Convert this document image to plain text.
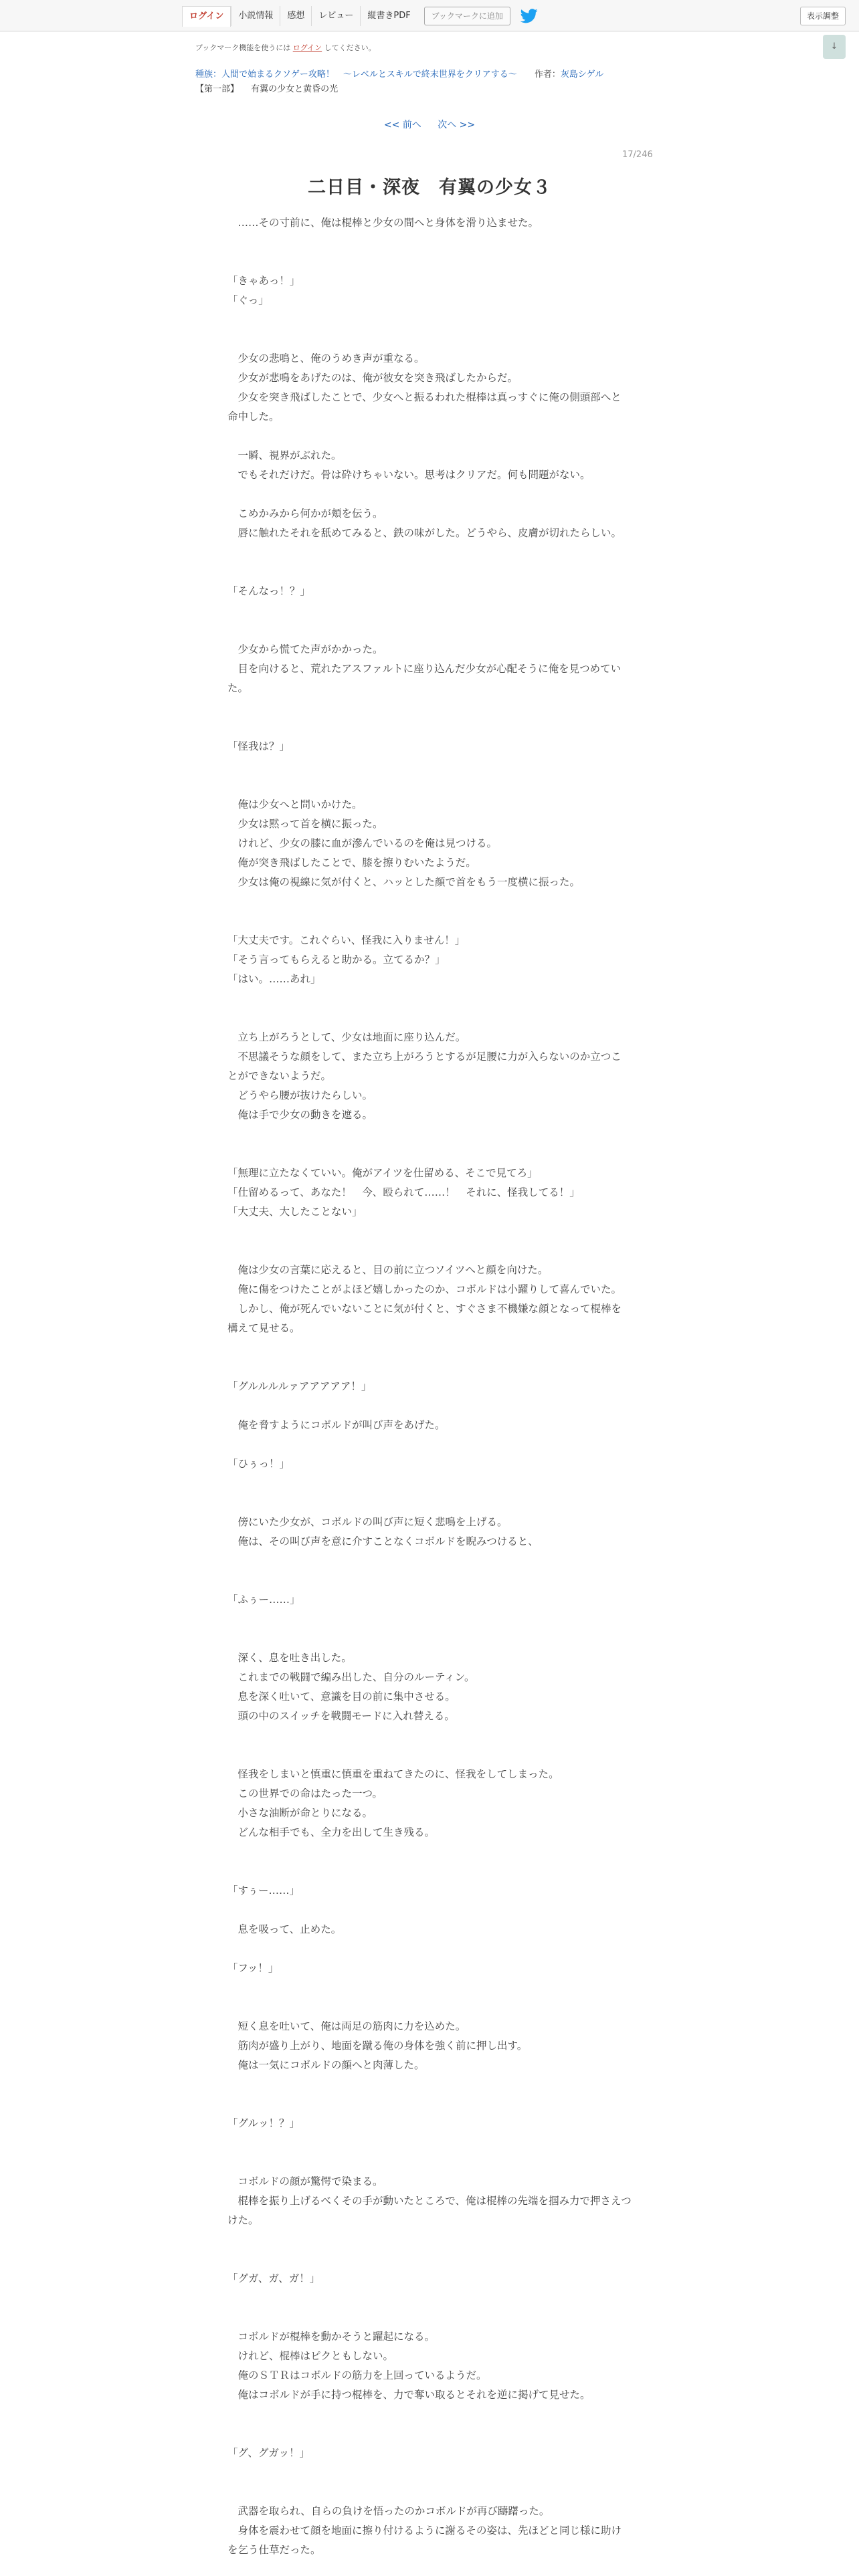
ログイン	小説情報	感想	レビュー	縦書きPDF	ブックマークに追加	表示調整
↓
ブックマーク機能を使うには ログイン してください。
種族：人間で始まるクソゲー攻略！　〜レベルとスキルで終末世界をクリアする〜 作者：灰島シゲル
【第一部】 有翼の少女と黄昏の光
<< 前へ 次へ >>
17/246
二日目・深夜　有翼の少女３

　……その寸前に、俺は棍棒と少女の間へと身体を滑り込ませた。

「きゃあっ！」

「ぐっ」

　少女の悲鳴と、俺のうめき声が重なる。

　少女が悲鳴をあげたのは、俺が彼女を突き飛ばしたからだ。

　少女を突き飛ばしたことで、少女へと振るわれた棍棒は真っすぐに俺の側頭部へと命中した。

　一瞬、視界がぶれた。

　でもそれだけだ。骨は砕けちゃいない。思考はクリアだ。何も問題がない。

　こめかみから何かが頬を伝う。

　唇に触れたそれを舐めてみると、鉄の味がした。どうやら、皮膚が切れたらしい。

「そんなっ！？」

　少女から慌てた声がかかった。

　目を向けると、荒れたアスファルトに座り込んだ少女が心配そうに俺を見つめていた。

「怪我は？」

　俺は少女へと問いかけた。

　少女は黙って首を横に振った。

　けれど、少女の膝に血が滲んでいるのを俺は見つける。

　俺が突き飛ばしたことで、膝を擦りむいたようだ。

　少女は俺の視線に気が付くと、ハッとした顔で首をもう一度横に振った。

「大丈夫です。これぐらい、怪我に入りません！」

「そう言ってもらえると助かる。立てるか？」

「はい。……あれ」

　立ち上がろうとして、少女は地面に座り込んだ。

　不思議そうな顔をして、また立ち上がろうとするが足腰に力が入らないのか立つことができないようだ。

　どうやら腰が抜けたらしい。

　俺は手で少女の動きを遮る。

「無理に立たなくていい。俺がアイツを仕留める、そこで見てろ」

「仕留めるって、あなた！　今、殴られて……！　それに、怪我してる！」

「大丈夫、大したことない」

　俺は少女の言葉に応えると、目の前に立つソイツへと顔を向けた。

　俺に傷をつけたことがよほど嬉しかったのか、コボルドは小躍りして喜んでいた。

　しかし、俺が死んでいないことに気が付くと、すぐさま不機嫌な顔となって棍棒を構えて見せる。

「グルルルルァアアアアア！」

　俺を脅すようにコボルドが叫び声をあげた。

「ひぅっ！」

　傍にいた少女が、コボルドの叫び声に短く悲鳴を上げる。

　俺は、その叫び声を意に介すことなくコボルドを睨みつけると、

「ふぅー……」

　深く、息を吐き出した。

　これまでの戦闘で編み出した、自分のルーティン。

　息を深く吐いて、意識を目の前に集中させる。

　頭の中のスイッチを戦闘モードに入れ替える。

　怪我をしまいと慎重に慎重を重ねてきたのに、怪我をしてしまった。

　この世界での命はたった一つ。

　小さな油断が命とりになる。

　どんな相手でも、全力を出して生き残る。

「すぅー……」

　息を吸って、止めた。

「フッ！」

　短く息を吐いて、俺は両足の筋肉に力を込めた。

　筋肉が盛り上がり、地面を蹴る俺の身体を強く前に押し出す。

　俺は一気にコボルドの顔へと肉薄した。

「グルッ！？」

　コボルドの顔が驚愕で染まる。

　棍棒を振り上げるべくその手が動いたところで、俺は棍棒の先端を掴み力で押さえつけた。

「グガ、ガ、ガ！」

　コボルドが棍棒を動かそうと躍起になる。

　けれど、棍棒はピクともしない。

　俺のＳＴＲはコボルドの筋力を上回っているようだ。

　俺はコボルドが手に持つ棍棒を、力で奪い取るとそれを逆に掲げて見せた。

「グ、グガッ！」

　武器を取られ、自らの負けを悟ったのかコボルドが再び躊躇った。

　身体を震わせて顔を地面に擦り付けるように謝るその姿は、先ほどと同じ様に助けを乞う仕草だった。
